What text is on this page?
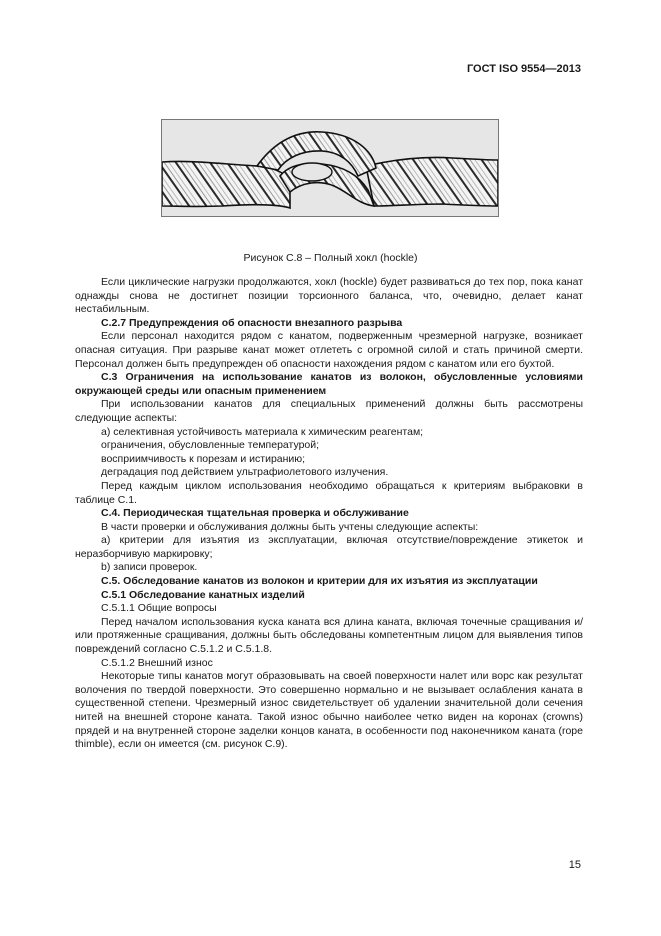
ГОСТ ISO 9554—2013
Рисунок С.8 – Полный хокл (hockle)

Если циклические нагрузки продолжаются, хокл (hockle) будет развиваться до тех пор, пока канат однажды снова не достигнет позиции торсионного баланса, что, очевидно, делает канат нестабильным.

С.2.7 Предупреждения об опасности внезапного разрыва

Если персонал находится рядом с канатом, подверженным чрезмерной нагрузке, возникает опасная ситуация. При разрыве канат может отлететь с огромной силой и стать причиной смерти. Персонал должен быть предупрежден об опасности нахождения рядом с канатом или его бухтой.

С.3 Ограничения на использование канатов из волокон, обусловленные условиями окружающей среды или опасным применением

При использовании канатов для специальных применений должны быть рассмотрены следующие аспекты:

а) селективная устойчивость материала к химическим реагентам;

ограничения, обусловленные температурой;

восприимчивость к порезам и истиранию;

деградация под действием ультрафиолетового излучения.

Перед каждым циклом использования необходимо обращаться к критериям выбраковки в таблице С.1.

С.4. Периодическая тщательная проверка и обслуживание

В части проверки и обслуживания должны быть учтены следующие аспекты:

а) критерии для изъятия из эксплуатации, включая отсутствие/повреждение этикеток и неразборчивую маркировку;

b) записи проверок.

С.5. Обследование канатов из волокон и критерии для их изъятия из эксплуатации

С.5.1 Обследование канатных изделий

С.5.1.1 Общие вопросы

Перед началом использования куска каната вся длина каната, включая точечные сращивания и/или протяженные сращивания, должны быть обследованы компетентным лицом для выявления типов повреждений согласно С.5.1.2 и С.5.1.8.

С.5.1.2 Внешний износ

Некоторые типы канатов могут образовывать на своей поверхности налет или ворс как результат волочения по твердой поверхности. Это совершенно нормально и не вызывает ослабления каната в существенной степени. Чрезмерный износ свидетельствует об удалении значительной доли сечения нитей на внешней стороне каната. Такой износ обычно наиболее четко виден на коронах (crowns) прядей и на внутренней стороне заделки концов каната, в особенности под наконечником каната (rope thimble), если он имеется (см. рисунок С.9).

15
